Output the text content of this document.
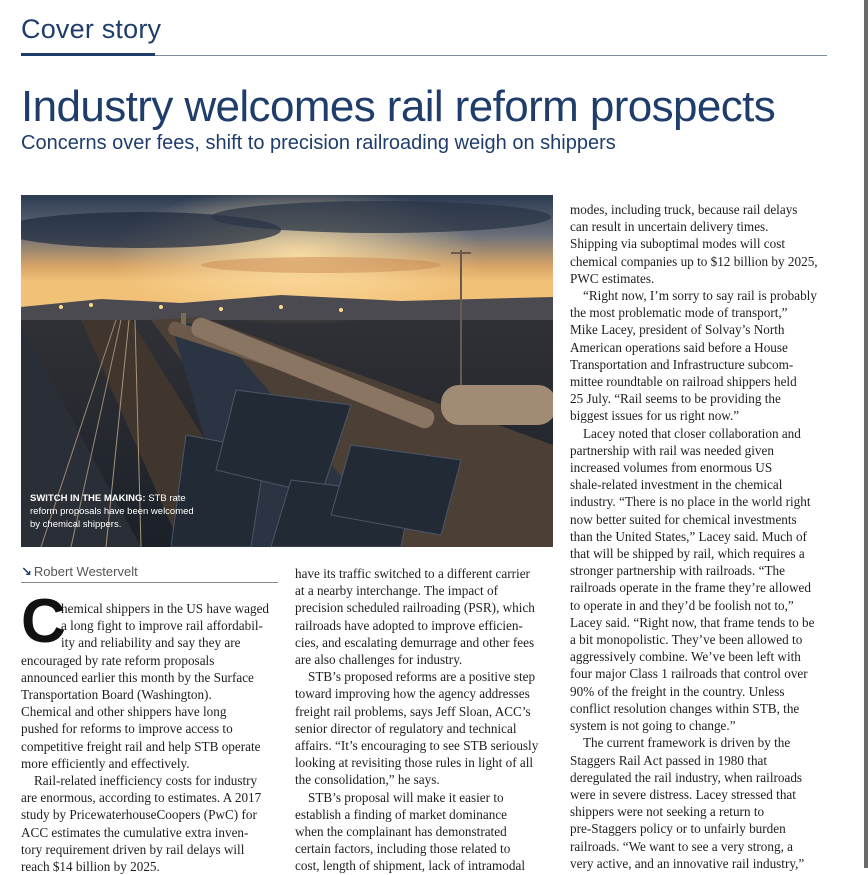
Cover story
Industry welcomes rail reform prospects
Concerns over fees, shift to precision railroading weigh on shippers
SWITCH IN THE MAKING: STB rate reform proposals have been welcomed by chemical shippers.
↘ Robert Westervelt
C

hemical shippers in the US have waged

a long fight to improve rail affordabil-

ity and reliability and say they are

encouraged by rate reform proposals

announced earlier this month by the Surface

Transportation Board (Washington).

Chemical and other shippers have long

pushed for reforms to improve access to

competitive freight rail and help STB operate

more efficiently and effectively.

Rail-related inefficiency costs for industry

are enormous, according to estimates. A 2017

study by PricewaterhouseCoopers (PwC) for

ACC estimates the cumulative extra inven-

tory requirement driven by rail delays will

reach $14 billion by 2025.

have its traffic switched to a different carrier

at a nearby interchange. The impact of

precision scheduled railroading (PSR), which

railroads have adopted to improve efficien-

cies, and escalating demurrage and other fees

are also challenges for industry.

STB’s proposed reforms are a positive step

toward improving how the agency addresses

freight rail problems, says Jeff Sloan, ACC’s

senior director of regulatory and technical

affairs. “It’s encouraging to see STB seriously

looking at revisiting those rules in light of all

the consolidation,” he says.

STB’s proposal will make it easier to

establish a finding of market dominance

when the complainant has demonstrated

certain factors, including those related to

cost, length of shipment, lack of intramodal

modes, including truck, because rail delays

can result in uncertain delivery times.

Shipping via suboptimal modes will cost

chemical companies up to $12 billion by 2025,

PWC estimates.

“Right now, I’m sorry to say rail is probably

the most problematic mode of transport,”

Mike Lacey, president of Solvay’s North

American operations said before a House

Transportation and Infrastructure subcom-

mittee roundtable on railroad shippers held

25 July. “Rail seems to be providing the

biggest issues for us right now.”

Lacey noted that closer collaboration and

partnership with rail was needed given

increased volumes from enormous US

shale-related investment in the chemical

industry. “There is no place in the world right

now better suited for chemical investments

than the United States,” Lacey said. Much of

that will be shipped by rail, which requires a

stronger partnership with railroads. “The

railroads operate in the frame they’re allowed

to operate in and they’d be foolish not to,”

Lacey said. “Right now, that frame tends to be

a bit monopolistic. They’ve been allowed to

aggressively combine. We’ve been left with

four major Class 1 railroads that control over

90% of the freight in the country. Unless

conflict resolution changes within STB, the

system is not going to change.”

The current framework is driven by the

Staggers Rail Act passed in 1980 that

deregulated the rail industry, when railroads

were in severe distress. Lacey stressed that

shippers were not seeking a return to

pre-Staggers policy or to unfairly burden

railroads. “We want to see a very strong, a

very active, and an innovative rail industry,”
